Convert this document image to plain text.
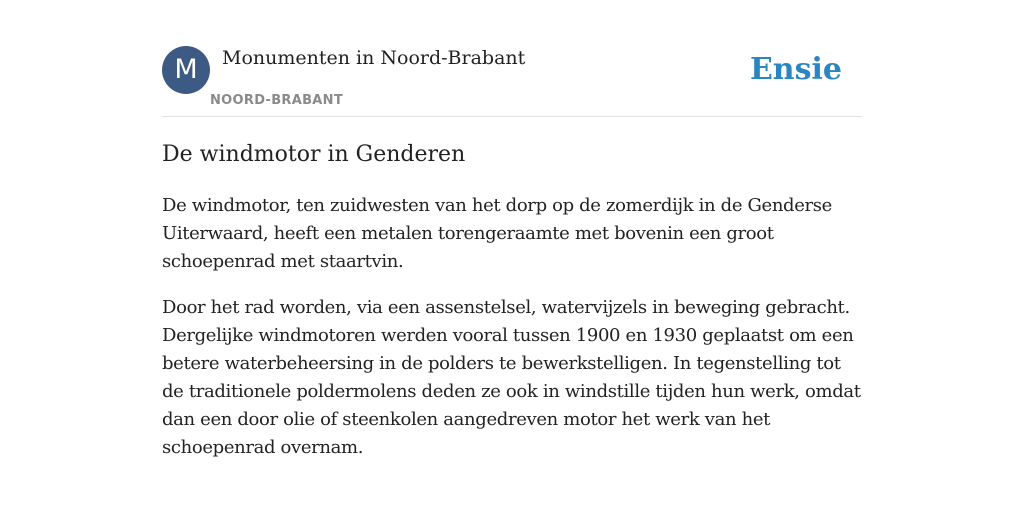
M	Monumenten in Noord-Brabant
NOORD-BRABANT
Ensie
De windmotor in Genderen

De windmotor, ten zuidwesten van het dorp op de zomerdijk in de Genderse Uiterwaard, heeft een metalen torengeraamte met bovenin een groot schoepenrad met staartvin.

Door het rad worden, via een assenstelsel, watervijzels in beweging gebracht. Dergelijke windmotoren werden vooral tussen 1900 en 1930 geplaatst om een betere waterbeheersing in de polders te bewerkstelligen. In tegenstelling tot de traditionele poldermolens deden ze ook in windstille tijden hun werk, omdat dan een door olie of steenkolen aangedreven motor het werk van het schoepenrad overnam.
